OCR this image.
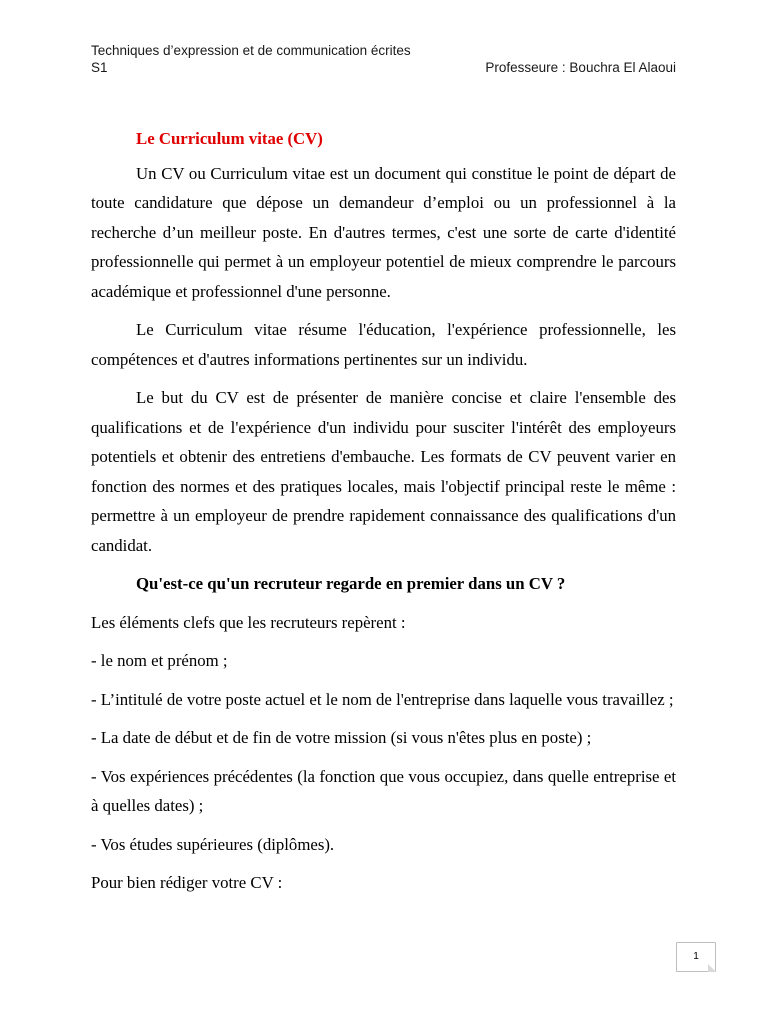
Techniques d’expression et de communication écrites
S1	Professeure : Bouchra El Alaoui

Le Curriculum vitae (CV)

Un CV ou Curriculum vitae est un document qui constitue le point de départ de toute candidature que dépose un demandeur d’emploi ou un professionnel à la recherche d’un meilleur poste. En d'autres termes, c'est une sorte de carte d'identité professionnelle qui permet à un employeur potentiel de mieux comprendre le parcours académique et professionnel d'une personne.

Le Curriculum vitae résume l'éducation, l'expérience professionnelle, les compétences et d'autres informations pertinentes sur un individu.

Le but du CV est de présenter de manière concise et claire l'ensemble des qualifications et de l'expérience d'un individu pour susciter l'intérêt des employeurs potentiels et obtenir des entretiens d'embauche. Les formats de CV peuvent varier en fonction des normes et des pratiques locales, mais l'objectif principal reste le même : permettre à un employeur de prendre rapidement connaissance des qualifications d'un candidat.

Qu'est-ce qu'un recruteur regarde en premier dans un CV ?

Les éléments clefs que les recruteurs repèrent :

- le nom et prénom ;

- L’intitulé de votre poste actuel et le nom de l'entreprise dans laquelle vous travaillez ;

- La date de début et de fin de votre mission (si vous n'êtes plus en poste) ;

- Vos expériences précédentes (la fonction que vous occupiez, dans quelle entreprise et à quelles dates) ;

- Vos études supérieures (diplômes).

Pour bien rédiger votre CV :

1
